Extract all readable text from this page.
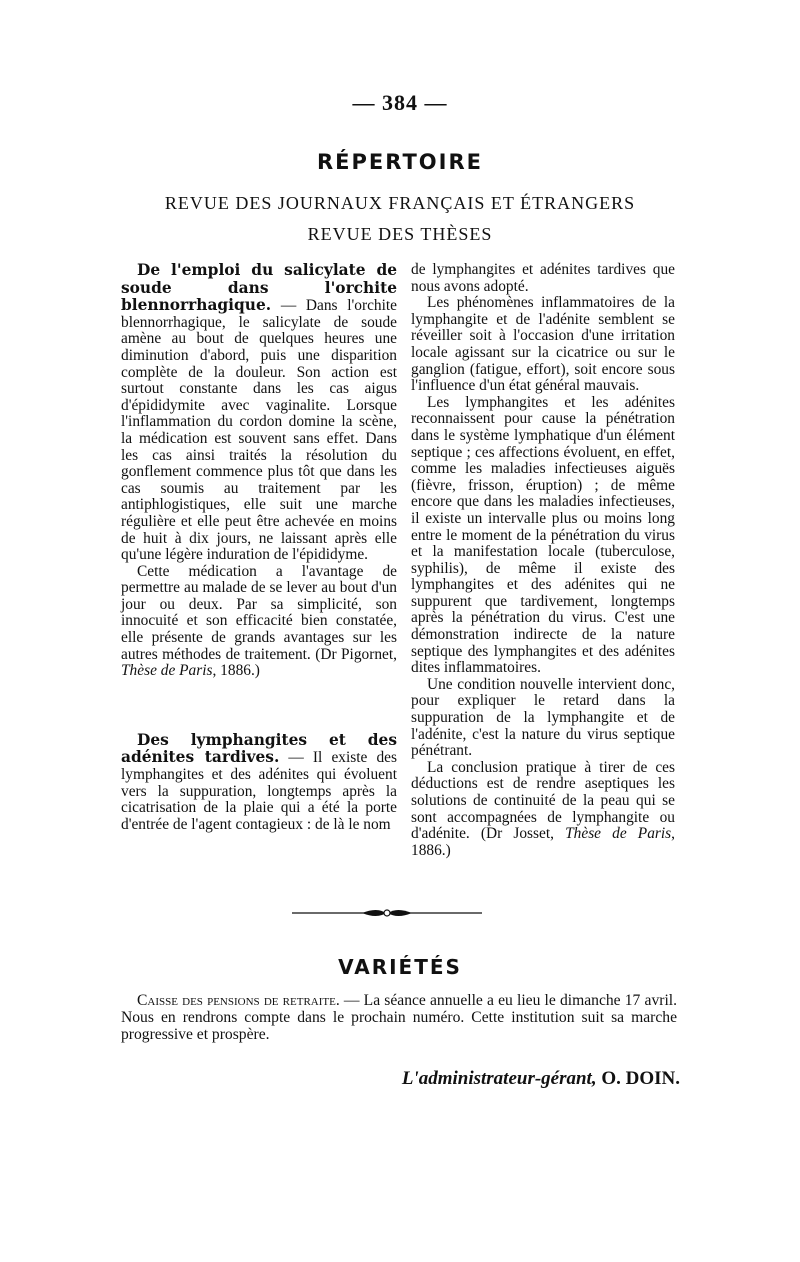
— 384 —
RÉPERTOIRE
REVUE DES JOURNAUX FRANÇAIS ET ÉTRANGERS
REVUE DES THÈSES

De l'emploi du salicylate de soude dans l'orchite blennorrhagique. — Dans l'orchite blennorrhagique, le salicylate de soude amène au bout de quelques heures une diminution d'abord, puis une disparition complète de la douleur. Son action est surtout constante dans les cas aigus d'épididymite avec vaginalite. Lorsque l'inflammation du cordon domine la scène, la médication est souvent sans effet. Dans les cas ainsi traités la résolution du gonflement commence plus tôt que dans les cas soumis au traitement par les antiphlogistiques, elle suit une marche régulière et elle peut être achevée en moins de huit à dix jours, ne laissant après elle qu'une légère induration de l'épididyme.

Cette médication a l'avantage de permettre au malade de se lever au bout d'un jour ou deux. Par sa simplicité, son innocuité et son efficacité bien constatée, elle présente de grands avantages sur les autres méthodes de traitement. (Dr Pigornet, Thèse de Paris, 1886.)

Des lymphangites et des adénites tardives. — Il existe des lymphangites et des adénites qui évoluent vers la suppuration, longtemps après la cicatrisation de la plaie qui a été la porte d'entrée de l'agent contagieux : de là le nom

de lymphangites et adénites tardives que nous avons adopté.

Les phénomènes inflammatoires de la lymphangite et de l'adénite semblent se réveiller soit à l'occasion d'une irritation locale agissant sur la cicatrice ou sur le ganglion (fatigue, effort), soit encore sous l'influence d'un état général mauvais.

Les lymphangites et les adénites reconnaissent pour cause la pénétration dans le système lymphatique d'un élément septique ; ces affections évoluent, en effet, comme les maladies infectieuses aiguës (fièvre, frisson, éruption) ; de même encore que dans les maladies infectieuses, il existe un intervalle plus ou moins long entre le moment de la pénétration du virus et la manifestation locale (tuberculose, syphilis), de même il existe des lymphangites et des adénites qui ne suppurent que tardivement, longtemps après la pénétration du virus. C'est une démonstration indirecte de la nature septique des lymphangites et des adénites dites inflammatoires.

Une condition nouvelle intervient donc, pour expliquer le retard dans la suppuration de la lymphangite et de l'adénite, c'est la nature du virus septique pénétrant.

La conclusion pratique à tirer de ces déductions est de rendre aseptiques les solutions de continuité de la peau qui se sont accompagnées de lymphangite ou d'adénite. (Dr Josset, Thèse de Paris, 1886.)

VARIÉTÉS

Caisse des pensions de retraite. — La séance annuelle a eu lieu le dimanche 17 avril. Nous en rendrons compte dans le prochain numéro. Cette institution suit sa marche progressive et prospère.

L'administrateur-gérant, O. DOIN.
